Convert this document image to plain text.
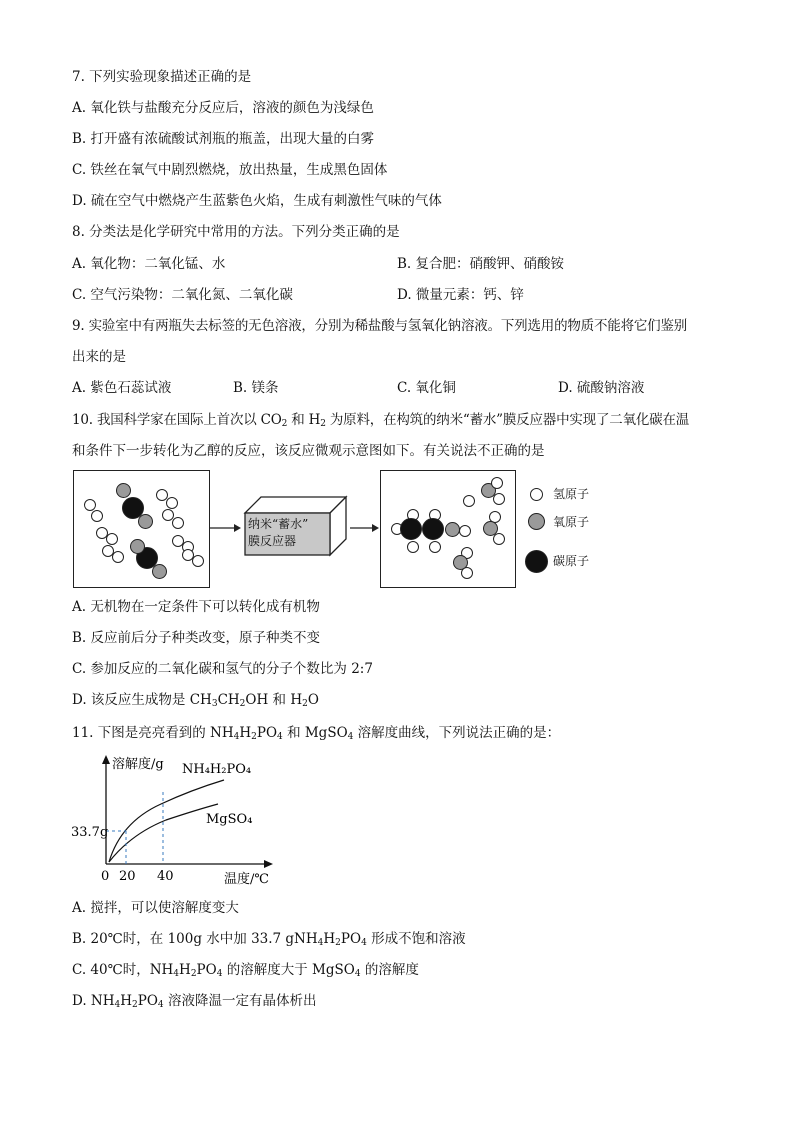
7. 下列实验现象描述正确的是
A. 氧化铁与盐酸充分反应后，溶液的颜色为浅绿色
B. 打开盛有浓硫酸试剂瓶的瓶盖，出现大量的白雾
C. 铁丝在氧气中剧烈燃烧，放出热量，生成黑色固体
D. 硫在空气中燃烧产生蓝紫色火焰，生成有刺激性气味的气体
8. 分类法是化学研究中常用的方法。下列分类正确的是
A. 氧化物：二氧化锰、水	B. 复合肥：硝酸钾、硝酸铵
C. 空气污染物：二氧化氮、二氧化碳	D. 微量元素：钙、锌
9. 实验室中有两瓶失去标签的无色溶液，分别为稀盐酸与氢氧化钠溶液。下列选用的物质不能将它们鉴别
出来的是
A. 紫色石蕊试液	B. 镁条	C. 氧化铜	D. 硫酸钠溶液
10. 我国科学家在国际上首次以 $CO_2$ 和 $H_2$ 为原料，在构筑的纳米“蓄水”膜反应器中实现了二氧化碳在温
和条件下一步转化为乙醇的反应，该反应微观示意图如下。有关说法不正确的是
纳米“蓄水”
膜反应器
氢原子
氧原子
碳原子
A. 无机物在一定条件下可以转化成有机物
B. 反应前后分子种类改变，原子种类不变
C. 参加反应的二氧化碳和氢气的分子个数比为 2:7
D. 该反应生成物是 $CH_3CH_2OH$ 和 $H_2O$
11. 下图是亮亮看到的 $NH_4H_2PO_4$ 和 MgSO$_4$ 溶解度曲线，下列说法正确的是：
溶解度/g NH₄H₂PO₄
MgSO₄
33.7g
0 20 40	温度/℃
A. 搅拌，可以使溶解度变大
B. 20℃时，在 100g 水中加 33.7 $gNH_4H_2PO_4$ 形成不饱和溶液
C. 40℃时，$NH_4H_2PO_4$ 的溶解度大于 MgSO$_4$ 的溶解度
D. $NH_4H_2PO_4$ 溶液降温一定有晶体析出
